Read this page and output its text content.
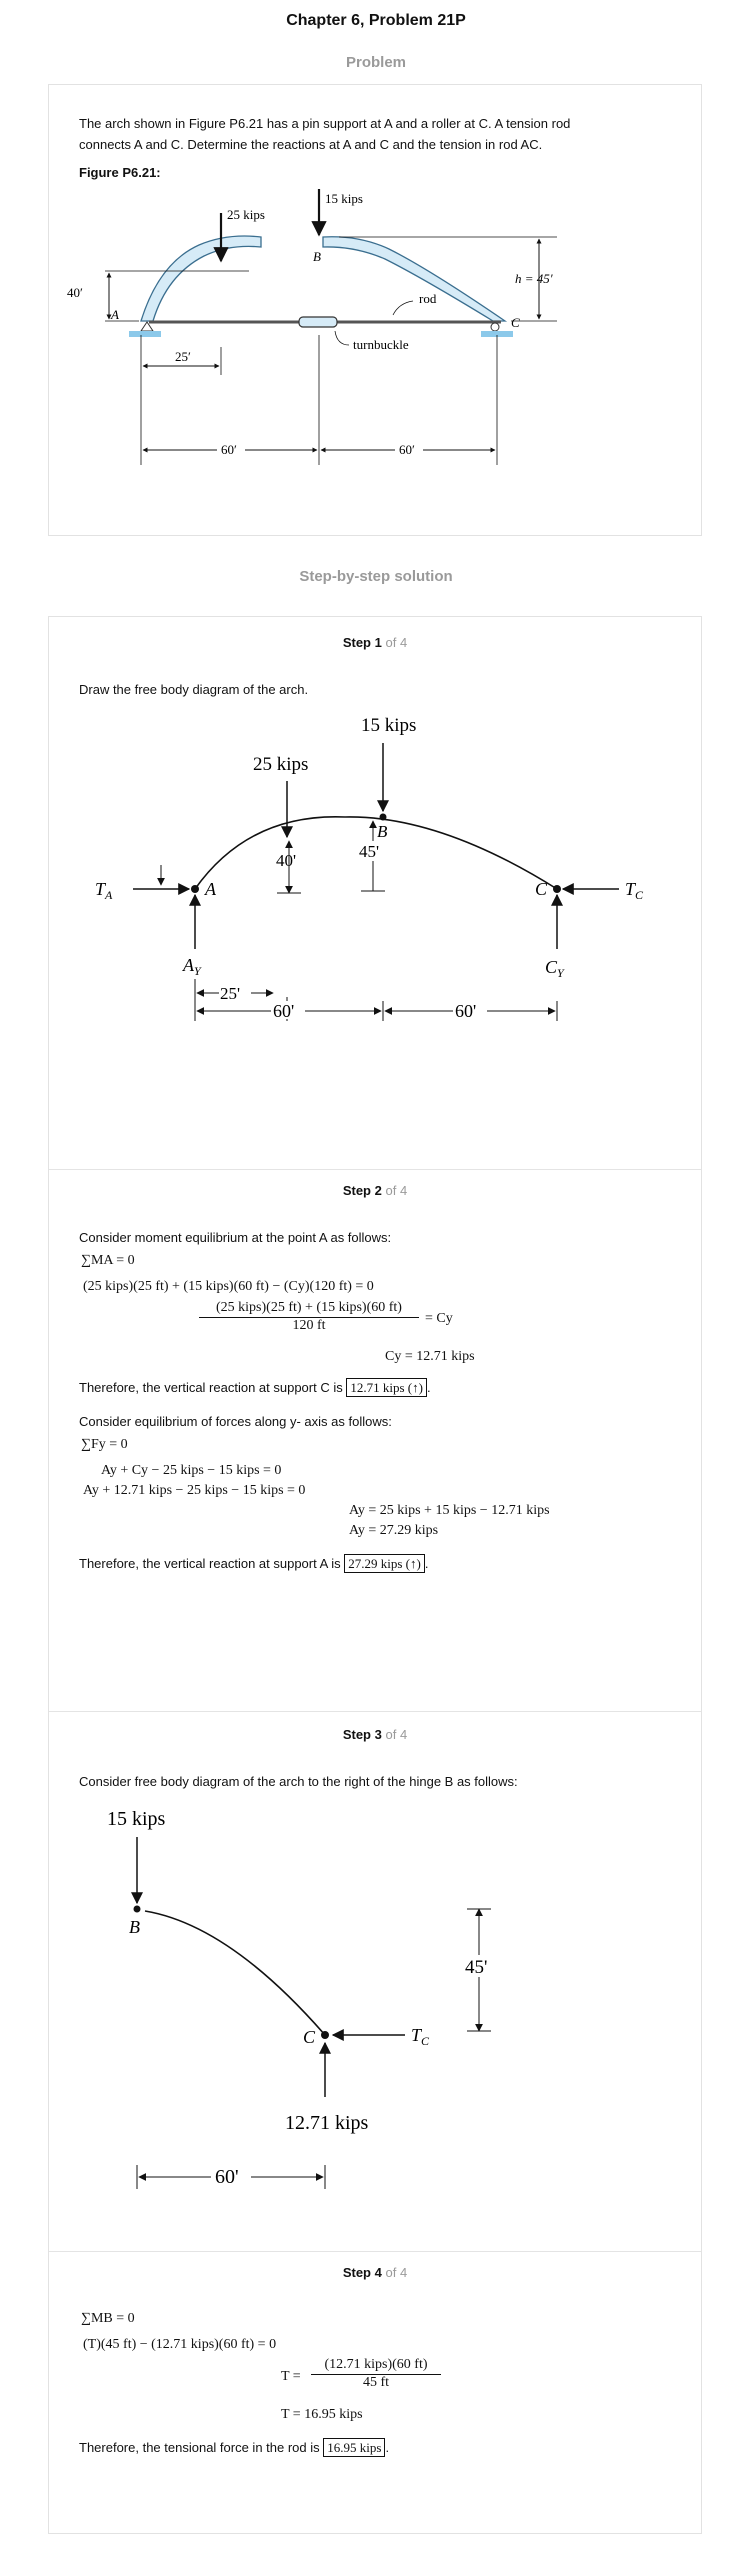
Chapter 6, Problem 21P
Problem
The arch shown in Figure P6.21 has a pin support at A and a roller at C. A tension rod
connects A and C. Determine the reactions at A and C and the tension in rod AC.
Figure P6.21:
15 kips
25 kips
B
A
C
40′
h = 45′
rod
turnbuckle
25′
60′	60′
Step-by-step solution
Step 1 of 4
Draw the free body diagram of the arch.
15 kips
25 kips
B
40'	45'
$T_A$	A	$T_C$
C
$A_Y$	$C_Y$
25'
60'	60'
Step 2 of 4
Consider moment equilibrium at the point A as follows:
∑MA = 0
(25 kips)(25 ft) + (15 kips)(60 ft) − (Cy)(120 ft) = 0
(25 kips)(25 ft) + (15 kips)(60 ft)
120 ft	= Cy
Cy = 12.71 kips
Therefore, the vertical reaction at support C is 12.71 kips (↑) .
Consider equilibrium of forces along y- axis as follows:
∑Fy = 0
Ay + Cy − 25 kips − 15 kips = 0
Ay + 12.71 kips − 25 kips − 15 kips = 0
Ay = 25 kips + 15 kips − 12.71 kips
Ay = 27.29 kips
Therefore, the vertical reaction at support A is 27.29 kips (↑) .
Step 3 of 4
Consider free body diagram of the arch to the right of the hinge B as follows:
15 kips
B
C	$T_C$
12.71 kips
45'
60'
Step 4 of 4
∑MB = 0
(T)(45 ft) − (12.71 kips)(60 ft) = 0
T =
(12.71 kips)(60 ft)
45 ft
T = 16.95 kips
Therefore, the tensional force in the rod is 16.95 kips .
